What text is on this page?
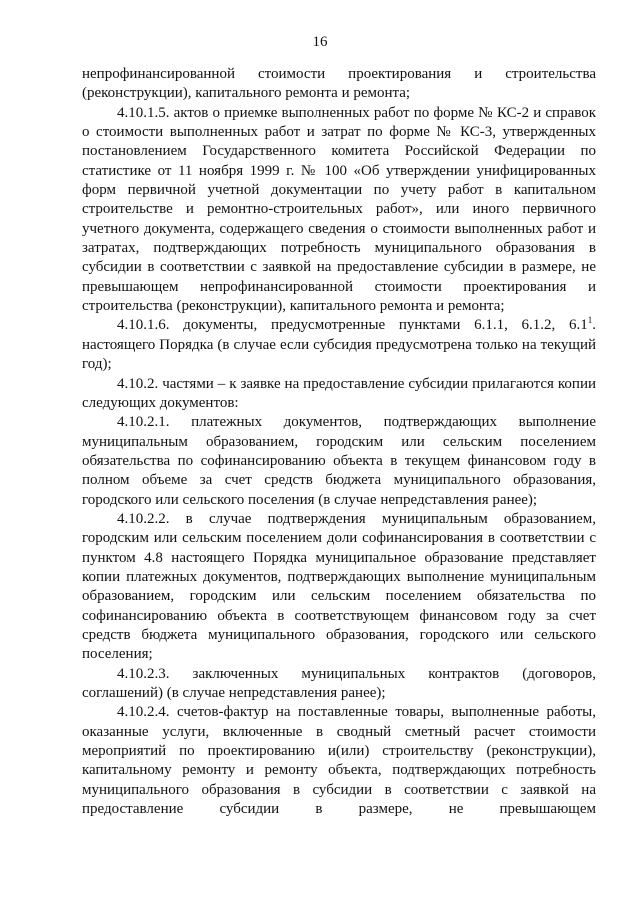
16

непрофинансированной стоимости проектирования и строительства (реконструкции), капитального ремонта и ремонта;

4.10.1.5. актов о приемке выполненных работ по форме № КС-2 и справок о стоимости выполненных работ и затрат по форме № КС-3, утвержденных постановлением Государственного комитета Российской Федерации по статистике от 11 ноября 1999 г. № 100 «Об утверждении унифицированных форм первичной учетной документации по учету работ в капитальном строительстве и ремонтно-строительных работ», или иного первичного учетного документа, содержащего сведения о стоимости выполненных работ и затратах, подтверждающих потребность муниципального образования в субсидии в соответствии с заявкой на предоставление субсидии в размере, не превышающем непрофинансированной стоимости проектирования и строительства (реконструкции), капитального ремонта и ремонта;

4.10.1.6. документы, предусмотренные пунктами 6.1.1, 6.1.2, $6.1^1$. настоящего Порядка (в случае если субсидия предусмотрена только на текущий год);

4.10.2. частями – к заявке на предоставление субсидии прилагаются копии следующих документов:

4.10.2.1. платежных документов, подтверждающих выполнение муниципальным образованием, городским или сельским поселением обязательства по софинансированию объекта в текущем финансовом году в полном объеме за счет средств бюджета муниципального образования, городского или сельского поселения (в случае непредставления ранее);

4.10.2.2. в случае подтверждения муниципальным образованием, городским или сельским поселением доли софинансирования в соответствии с пунктом 4.8 настоящего Порядка муниципальное образование представляет копии платежных документов, подтверждающих выполнение муниципальным образованием, городским или сельским поселением обязательства по софинансированию объекта в соответствующем финансовом году за счет средств бюджета муниципального образования, городского или сельского поселения;

4.10.2.3. заключенных муниципальных контрактов (договоров, соглашений) (в случае непредставления ранее);

4.10.2.4. счетов-фактур на поставленные товары, выполненные работы, оказанные услуги, включенные в сводный сметный расчет стоимости мероприятий по проектированию и(или) строительству (реконструкции), капитальному ремонту и ремонту объекта, подтверждающих потребность муниципального образования в субсидии в соответствии с заявкой на предоставление субсидии в размере, не превышающем
